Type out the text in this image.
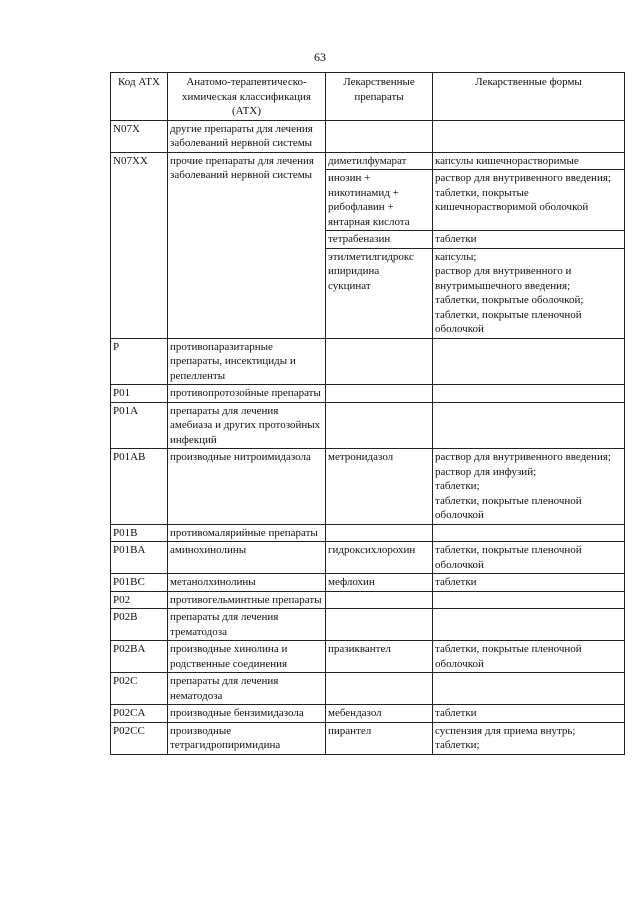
63
Код АТХ	Анатомо-терапевтическо-химическая классификация (АТХ)	Лекарственные препараты	Лекарственные формы
N07X	другие препараты для лечения заболеваний нервной системы		
N07XX	прочие препараты для лечения заболеваний нервной системы	диметилфумарат	капсулы кишечнорастворимые
		инозин +
никотинамид +
рибофлавин +
янтарная кислота	раствор для внутривенного введения;
таблетки, покрытые кишечнорастворимой оболочкой
		тетрабеназин	таблетки
		этилметилгидрокс
ипиридина
сукцинат	капсулы;
раствор для внутривенного и внутримышечного введения;
таблетки, покрытые оболочкой;
таблетки, покрытые пленочной оболочкой
P	противопаразитарные препараты, инсектициды и репелленты		
P01	противопротозойные препараты		
P01A	препараты для лечения амебиаза и других протозойных инфекций		
P01AB	производные нитроимидазола	метронидазол	раствор для внутривенного введения;
раствор для инфузий;
таблетки;
таблетки, покрытые пленочной оболочкой
P01B	противомалярийные препараты		
P01BA	аминохинолины	гидроксихлорохин	таблетки, покрытые пленочной оболочкой
P01BC	метанолхинолины	мефлохин	таблетки
P02	противогельминтные препараты		
P02B	препараты для лечения трематодоза		
P02BA	производные хинолина и родственные соединения	празиквантел	таблетки, покрытые пленочной оболочкой
P02C	препараты для лечения нематодоза		
P02CA	производные бензимидазола	мебендазол	таблетки
P02CC	производные тетрагидропиримидина	пирантел	суспензия для приема внутрь;
таблетки;
